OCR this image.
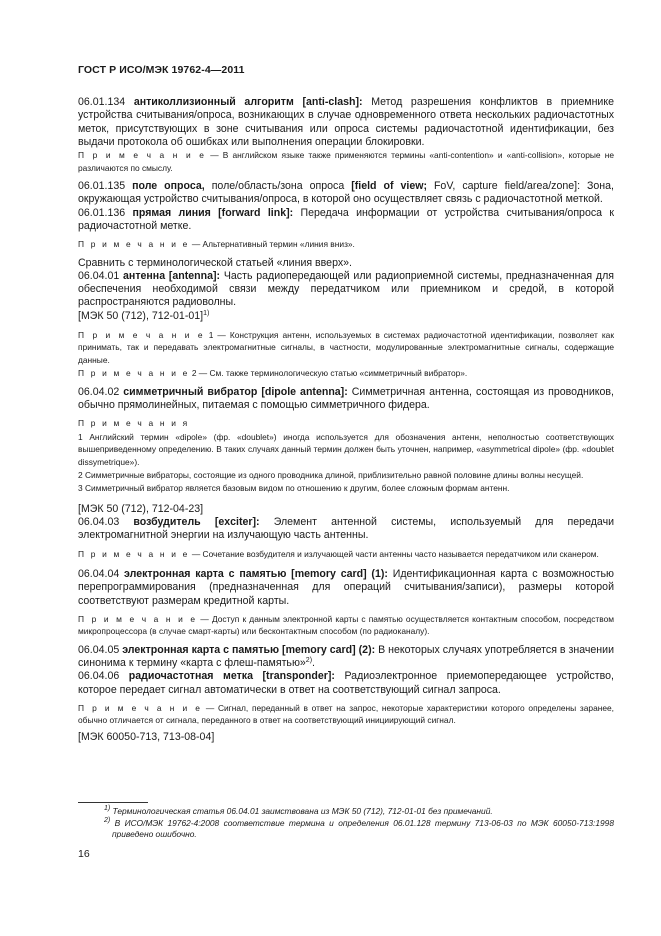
ГОСТ Р ИСО/МЭК 19762-4—2011

06.01.134 антиколлизионный алгоритм [anti-clash]: Метод разрешения конфликтов в приемнике устройства считывания/опроса, возникающих в случае одновременного ответа нескольких радиочастотных меток, присутствующих в зоне считывания или опроса системы радиочастотной идентификации, без выдачи протокола об ошибках или выполнения операции блокировки.

П р и м е ч а н и е — В английском языке также применяются термины «anti-contention» и «anti-collision», которые не различаются по смыслу.

06.01.135 поле опроса, поле/область/зона опроса [field of view; FoV, capture field/area/zone]: Зона, окружающая устройство считывания/опроса, в которой оно осуществляет связь с радиочастотной меткой.

06.01.136 прямая линия [forward link]: Передача информации от устройства считывания/опроса к радиочастотной метке.

П р и м е ч а н и е — Альтернативный термин «линия вниз».

Сравнить с терминологической статьей «линия вверх».

06.04.01 антенна [antenna]: Часть радиопередающей или радиоприемной системы, предназначенная для обеспечения необходимой связи между передатчиком или приемником и средой, в которой распространяются радиоволны.

[МЭК 50 (712), 712-01-01]$^{1)}$

П р и м е ч а н и е 1 — Конструкция антенн, используемых в системах радиочастотной идентификации, позволяет как принимать, так и передавать электромагнитные сигналы, в частности, модулированные электромагнитные сигналы, содержащие данные.

П р и м е ч а н и е 2 — См. также терминологическую статью «симметричный вибратор».

06.04.02 симметричный вибратор [dipole antenna]: Симметричная антенна, состоящая из проводников, обычно прямолинейных, питаемая с помощью симметричного фидера.

П р и м е ч а н и я

1 Английский термин «dipole» (фр. «doublet») иногда используется для обозначения антенн, неполностью соответствующих вышеприведенному определению. В таких случаях данный термин должен быть уточнен, например, «asymmetrical dipole» (фр. «doublet dissymetrique»).

2 Симметричные вибраторы, состоящие из одного проводника длиной, приблизительно равной половине длины волны несущей.

3 Симметричный вибратор является базовым видом по отношению к другим, более сложным формам антенн.

[МЭК 50 (712), 712-04-23]

06.04.03 возбудитель [exciter]: Элемент антенной системы, используемый для передачи электромагнитной энергии на излучающую часть антенны.

П р и м е ч а н и е — Сочетание возбудителя и излучающей части антенны часто называется передатчиком или сканером.

06.04.04 электронная карта с памятью [memory card] (1): Идентификационная карта с возможностью перепрограммирования (предназначенная для операций считывания/записи), размеры которой соответствуют размерам кредитной карты.

П р и м е ч а н и е — Доступ к данным электронной карты с памятью осуществляется контактным способом, посредством микропроцессора (в случае смарт-карты) или бесконтактным способом (по радиоканалу).

06.04.05 электронная карта с памятью [memory card] (2): В некоторых случаях употребляется в значении синонима к термину «карта с флеш-памятью»$^{2)}$.

06.04.06 радиочастотная метка [transponder]: Радиоэлектронное приемопередающее устройство, которое передает сигнал автоматически в ответ на соответствующий сигнал запроса.

П р и м е ч а н и е — Сигнал, переданный в ответ на запрос, некоторые характеристики которого определены заранее, обычно отличается от сигнала, переданного в ответ на соответствующий инициирующий сигнал.

[МЭК 60050-713, 713-08-04]

$^{1)}$ Терминологическая статья 06.04.01 заимствована из МЭК 50 (712), 712-01-01 без примечаний.

$^{2)}$ В ИСО/МЭК 19762-4:2008 соответствие термина и определения 06.01.128 термину 713-06-03 по МЭК 60050-713:1998 приведено ошибочно.

16
